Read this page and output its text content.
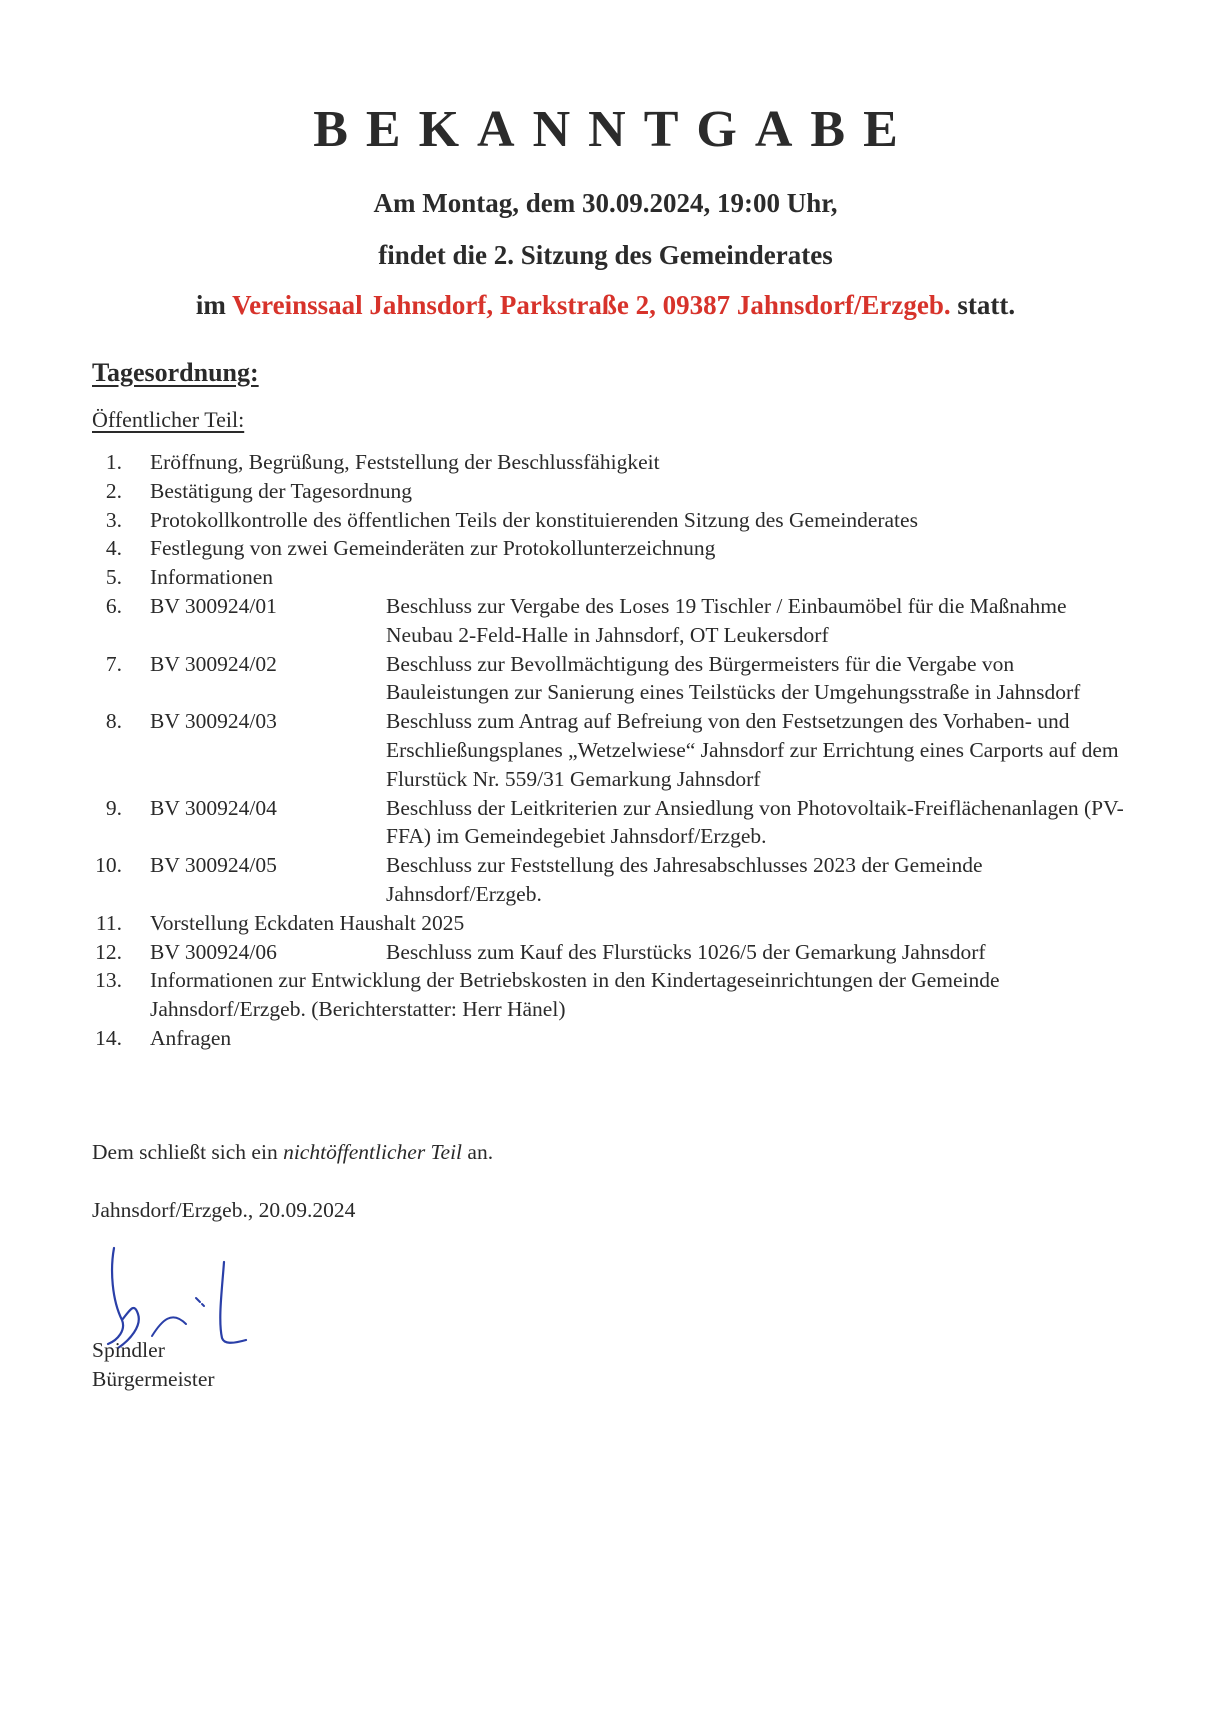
BEKANNTGABE
Am Montag, dem 30.09.2024, 19:00 Uhr,
findet die 2. Sitzung des Gemeinderates
im Vereinssaal Jahnsdorf, Parkstraße 2, 09387 Jahnsdorf/Erzgeb. statt.
Tagesordnung:
Öffentlicher Teil:
1.	Eröffnung, Begrüßung, Feststellung der Beschlussfähigkeit
2.	Bestätigung der Tagesordnung
3.	Protokollkontrolle des öffentlichen Teils der konstituierenden Sitzung des Gemeinderates
4.	Festlegung von zwei Gemeinderäten zur Protokollunterzeichnung
5.	Informationen
6.	BV 300924/01	Beschluss zur Vergabe des Loses 19 Tischler / Einbaumöbel für die Maßnahme Neubau 2-Feld-Halle in Jahnsdorf, OT Leukersdorf
7.	BV 300924/02	Beschluss zur Bevollmächtigung des Bürgermeisters für die Vergabe von Bauleistungen zur Sanierung eines Teilstücks der Umgehungsstraße in Jahnsdorf
8.	BV 300924/03	Beschluss zum Antrag auf Befreiung von den Festsetzungen des Vorhaben- und Erschließungsplanes „Wetzelwiese“ Jahnsdorf zur Errichtung eines Carports auf dem Flurstück Nr. 559/31 Gemarkung Jahnsdorf
9.	BV 300924/04	Beschluss der Leitkriterien zur Ansiedlung von Photovoltaik-Freiflächenanlagen (PV-FFA) im Gemeindegebiet Jahnsdorf/Erzgeb.
10.	BV 300924/05	Beschluss zur Feststellung des Jahresabschlusses 2023 der Gemeinde Jahnsdorf/Erzgeb.
11.	Vorstellung Eckdaten Haushalt 2025
12.	BV 300924/06	Beschluss zum Kauf des Flurstücks 1026/5 der Gemarkung Jahnsdorf
13.	Informationen zur Entwicklung der Betriebskosten in den Kindertageseinrichtungen der Gemeinde Jahnsdorf/Erzgeb. (Berichterstatter: Herr Hänel)
14.	Anfragen
Dem schließt sich ein nichtöffentlicher Teil an.
Jahnsdorf/Erzgeb., 20.09.2024
Spindler
Bürgermeister
